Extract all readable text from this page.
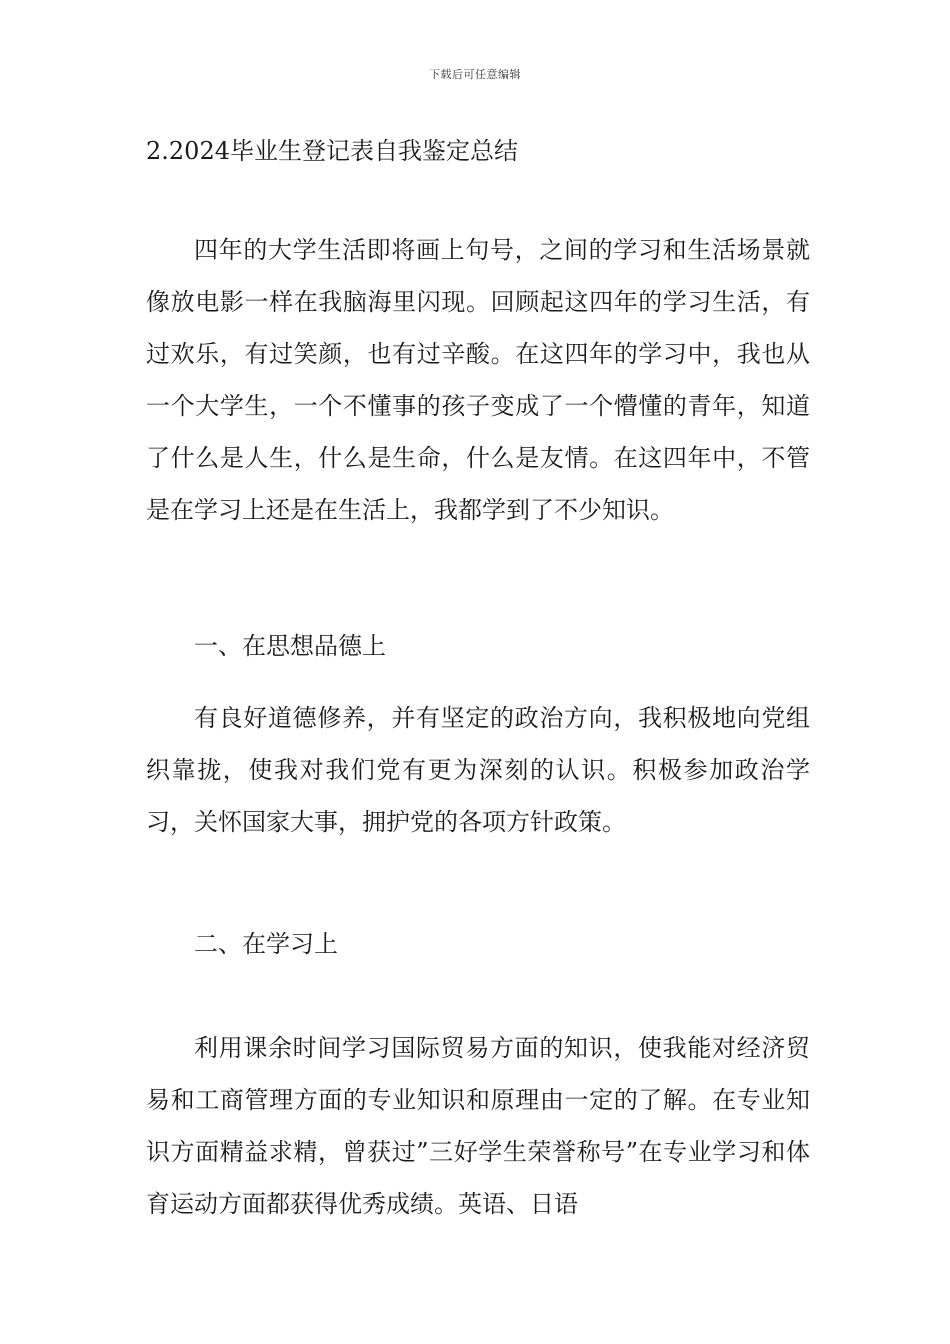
下载后可任意编辑
2.2024毕业生登记表自我鉴定总结

四年的大学生活即将画上句号，之间的学习和生活场景就像放电影一样在我脑海里闪现。回顾起这四年的学习生活，有过欢乐，有过笑颜，也有过辛酸。在这四年的学习中，我也从一个大学生，一个不懂事的孩子变成了一个懵懂的青年，知道了什么是人生，什么是生命，什么是友情。在这四年中，不管是在学习上还是在生活上，我都学到了不少知识。

一、在思想品德上

有良好道德修养，并有坚定的政治方向，我积极地向党组织靠拢，使我对我们党有更为深刻的认识。积极参加政治学习，关怀国家大事，拥护党的各项方针政策。

二、在学习上

利用课余时间学习国际贸易方面的知识，使我能对经济贸易和工商管理方面的专业知识和原理由一定的了解。在专业知识方面精益求精，曾获过”三好学生荣誉称号”在专业学习和体育运动方面都获得优秀成绩。英语、日语
